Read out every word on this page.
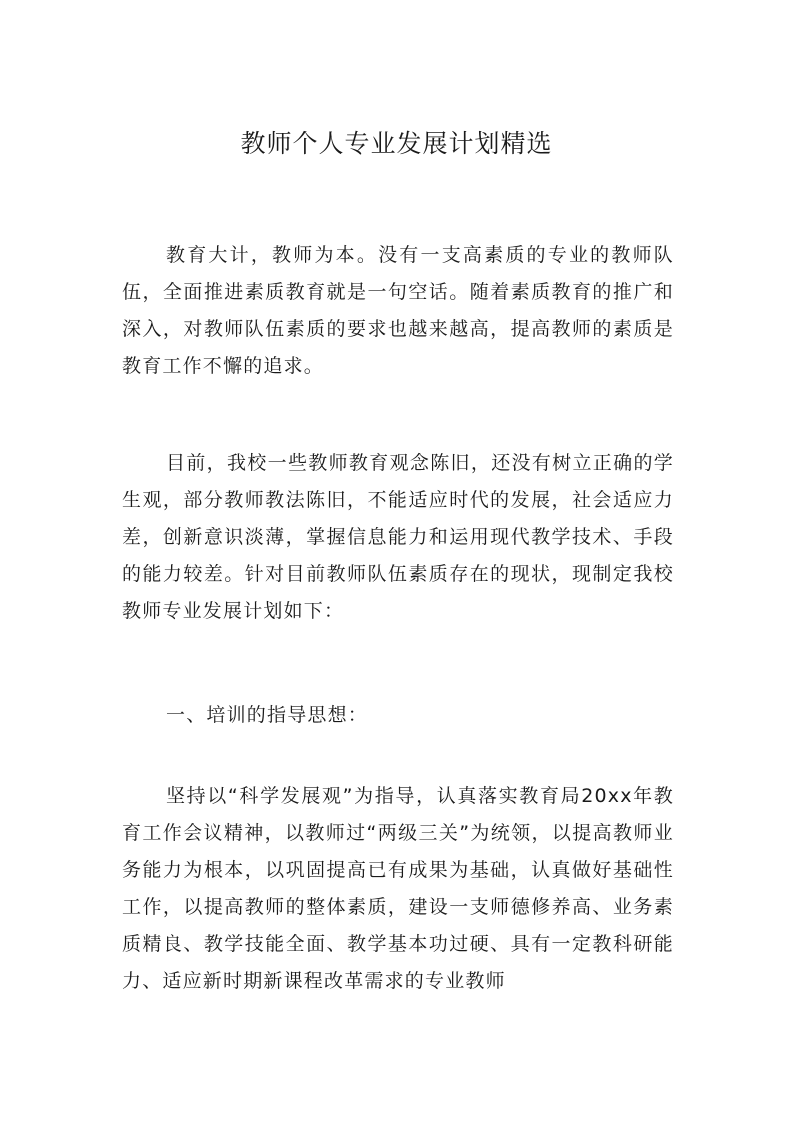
教师个人专业发展计划精选

教育大计，教师为本。没有一支高素质的专业的教师队伍，全面推进素质教育就是一句空话。随着素质教育的推广和深入，对教师队伍素质的要求也越来越高，提高教师的素质是教育工作不懈的追求。

目前，我校一些教师教育观念陈旧，还没有树立正确的学生观，部分教师教法陈旧，不能适应时代的发展，社会适应力差，创新意识淡薄，掌握信息能力和运用现代教学技术、手段的能力较差。针对目前教师队伍素质存在的现状，现制定我校教师专业发展计划如下：

一、培训的指导思想：

坚持以“科学发展观”为指导，认真落实教育局20xx年教育工作会议精神，以教师过“两级三关”为统领，以提高教师业务能力为根本，以巩固提高已有成果为基础，认真做好基础性工作，以提高教师的整体素质，建设一支师德修养高、业务素质精良、教学技能全面、教学基本功过硬、具有一定教科研能力、适应新时期新课程改革需求的专业教师
